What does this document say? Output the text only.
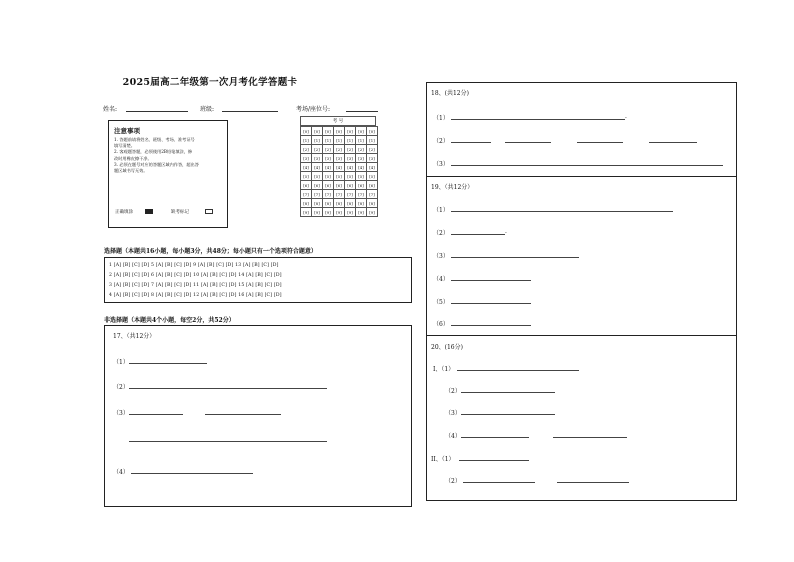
2025届高二年级第一次月考化学答题卡
姓名:	班级:	考场/座位号:
注意事项
1. 答题前请将姓名、班级、考场、准考证号
填写清楚。
2. 客观题答题，必须使用2B铅笔填涂，修
改时用橡皮擦干净。
3. 必须在题号对应的答题区域内作答，超出答
题区域书写无效。
正确填涂	缺考标记
考 号
[0]	[0]	[0]	[0]	[0]	[0]	[0]
[1]	[1]	[1]	[1]	[1]	[1]	[1]
[2]	[2]	[2]	[2]	[2]	[2]	[2]
[3]	[3]	[3]	[3]	[3]	[3]	[3]
[4]	[4]	[4]	[4]	[4]	[4]	[4]
[5]	[5]	[5]	[5]	[5]	[5]	[5]
[6]	[6]	[6]	[6]	[6]	[6]	[6]
[7]	[7]	[7]	[7]	[7]	[7]	[7]
[8]	[8]	[8]	[8]	[8]	[8]	[8]
[9]	[9]	[9]	[9]	[9]	[9]	[9]
选择题（本题共16小题，每小题3分，共48分；每小题只有一个选项符合题意）
1 [A] [B] [C] [D] 5 [A] [B] [C] [D] 9 [A] [B] [C] [D] 13 [A] [B] [C] [D]
2 [A] [B] [C] [D] 6 [A] [B] [C] [D] 10 [A] [B] [C] [D] 14 [A] [B] [C] [D]
3 [A] [B] [C] [D] 7 [A] [B] [C] [D] 11 [A] [B] [C] [D] 15 [A] [B] [C] [D]
4 [A] [B] [C] [D] 8 [A] [B] [C] [D] 12 [A] [B] [C] [D] 16 [A] [B] [C] [D]
非选择题（本题共4个小题，每空2分，共52分）
17、（共12分）
（1）
（2）
（3）
（4）
18、(共12分)
（1）	.
（2）
（3）
19、（共12分）
（1）
（2）	.
（3）
（4）
（5）
（6）
20、(16分)
I、（1）
（2）
（3）
（4）
II、（1）
（2）
